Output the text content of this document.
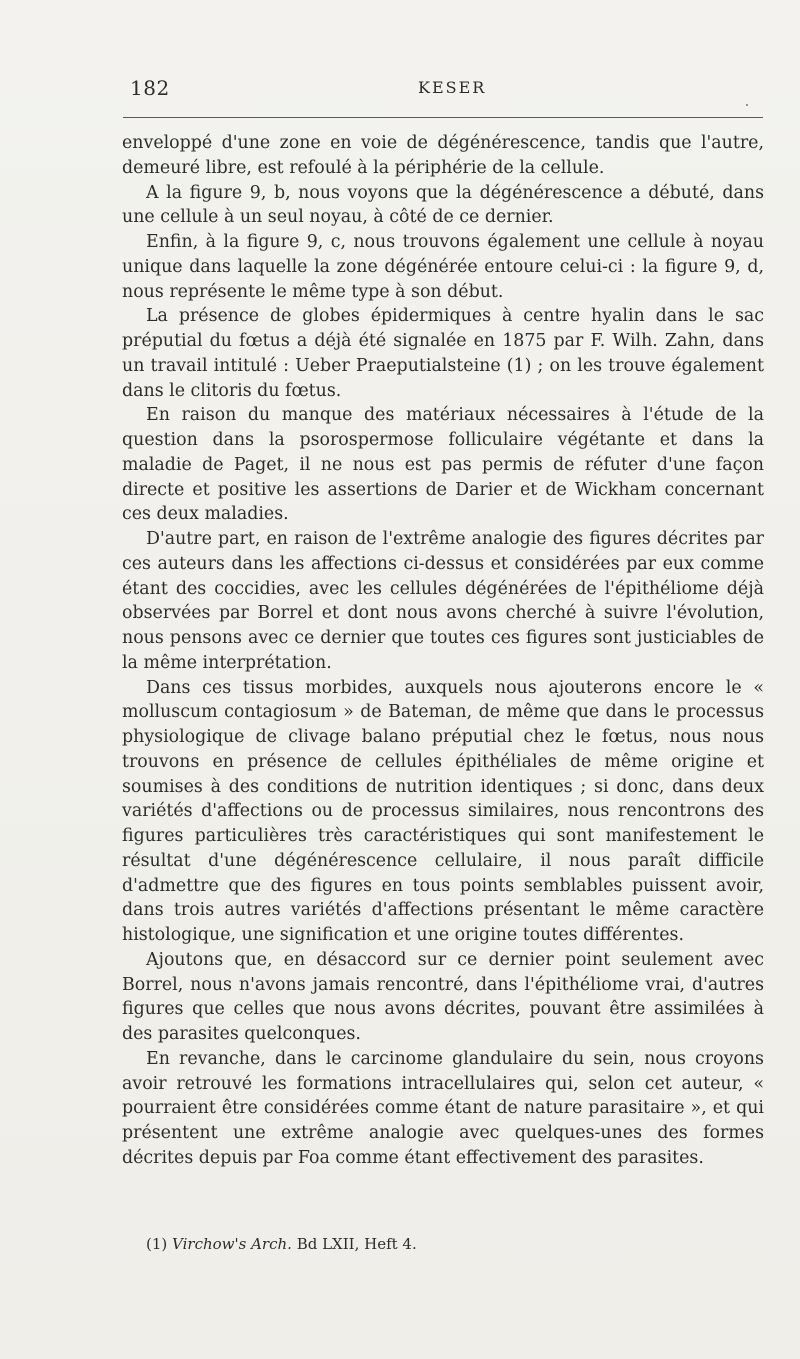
182	KESER

enveloppé d'une zone en voie de dégénérescence, tandis que l'autre, demeuré libre, est refoulé à la périphérie de la cellule.

A la figure 9, b, nous voyons que la dégénérescence a débuté, dans une cellule à un seul noyau, à côté de ce dernier.

Enfin, à la figure 9, c, nous trouvons également une cellule à noyau unique dans laquelle la zone dégénérée entoure celui-ci : la figure 9, d, nous représente le même type à son début.

La présence de globes épidermiques à centre hyalin dans le sac préputial du fœtus a déjà été signalée en 1875 par F. Wilh. Zahn, dans un travail intitulé : Ueber Praeputialsteine (1) ; on les trouve également dans le clitoris du fœtus.

En raison du manque des matériaux nécessaires à l'étude de la question dans la psorospermose folliculaire végétante et dans la maladie de Paget, il ne nous est pas permis de réfuter d'une façon directe et positive les assertions de Darier et de Wickham concernant ces deux maladies.

D'autre part, en raison de l'extrême analogie des figures décrites par ces auteurs dans les affections ci-dessus et considérées par eux comme étant des coccidies, avec les cellules dégénérées de l'épithéliome déjà observées par Borrel et dont nous avons cherché à suivre l'évolution, nous pensons avec ce dernier que toutes ces figures sont justiciables de la même interprétation.

Dans ces tissus morbides, auxquels nous ajouterons encore le « molluscum contagiosum » de Bateman, de même que dans le processus physiologique de clivage balano préputial chez le fœtus, nous nous trouvons en présence de cellules épithéliales de même origine et soumises à des conditions de nutrition identiques ; si donc, dans deux variétés d'affections ou de processus similaires, nous rencontrons des figures particulières très caractéristiques qui sont manifestement le résultat d'une dégénérescence cellulaire, il nous paraît difficile d'admettre que des figures en tous points semblables puissent avoir, dans trois autres variétés d'affections présentant le même caractère histologique, une signification et une origine toutes différentes.

Ajoutons que, en désaccord sur ce dernier point seulement avec Borrel, nous n'avons jamais rencontré, dans l'épithéliome vrai, d'autres figures que celles que nous avons décrites, pouvant être assimilées à des parasites quelconques.

En revanche, dans le carcinome glandulaire du sein, nous croyons avoir retrouvé les formations intracellulaires qui, selon cet auteur, « pourraient être considérées comme étant de nature parasitaire », et qui présentent une extrême analogie avec quelques-unes des formes décrites depuis par Foa comme étant effectivement des parasites.

(1) Virchow's Arch. Bd LXII, Heft 4.
